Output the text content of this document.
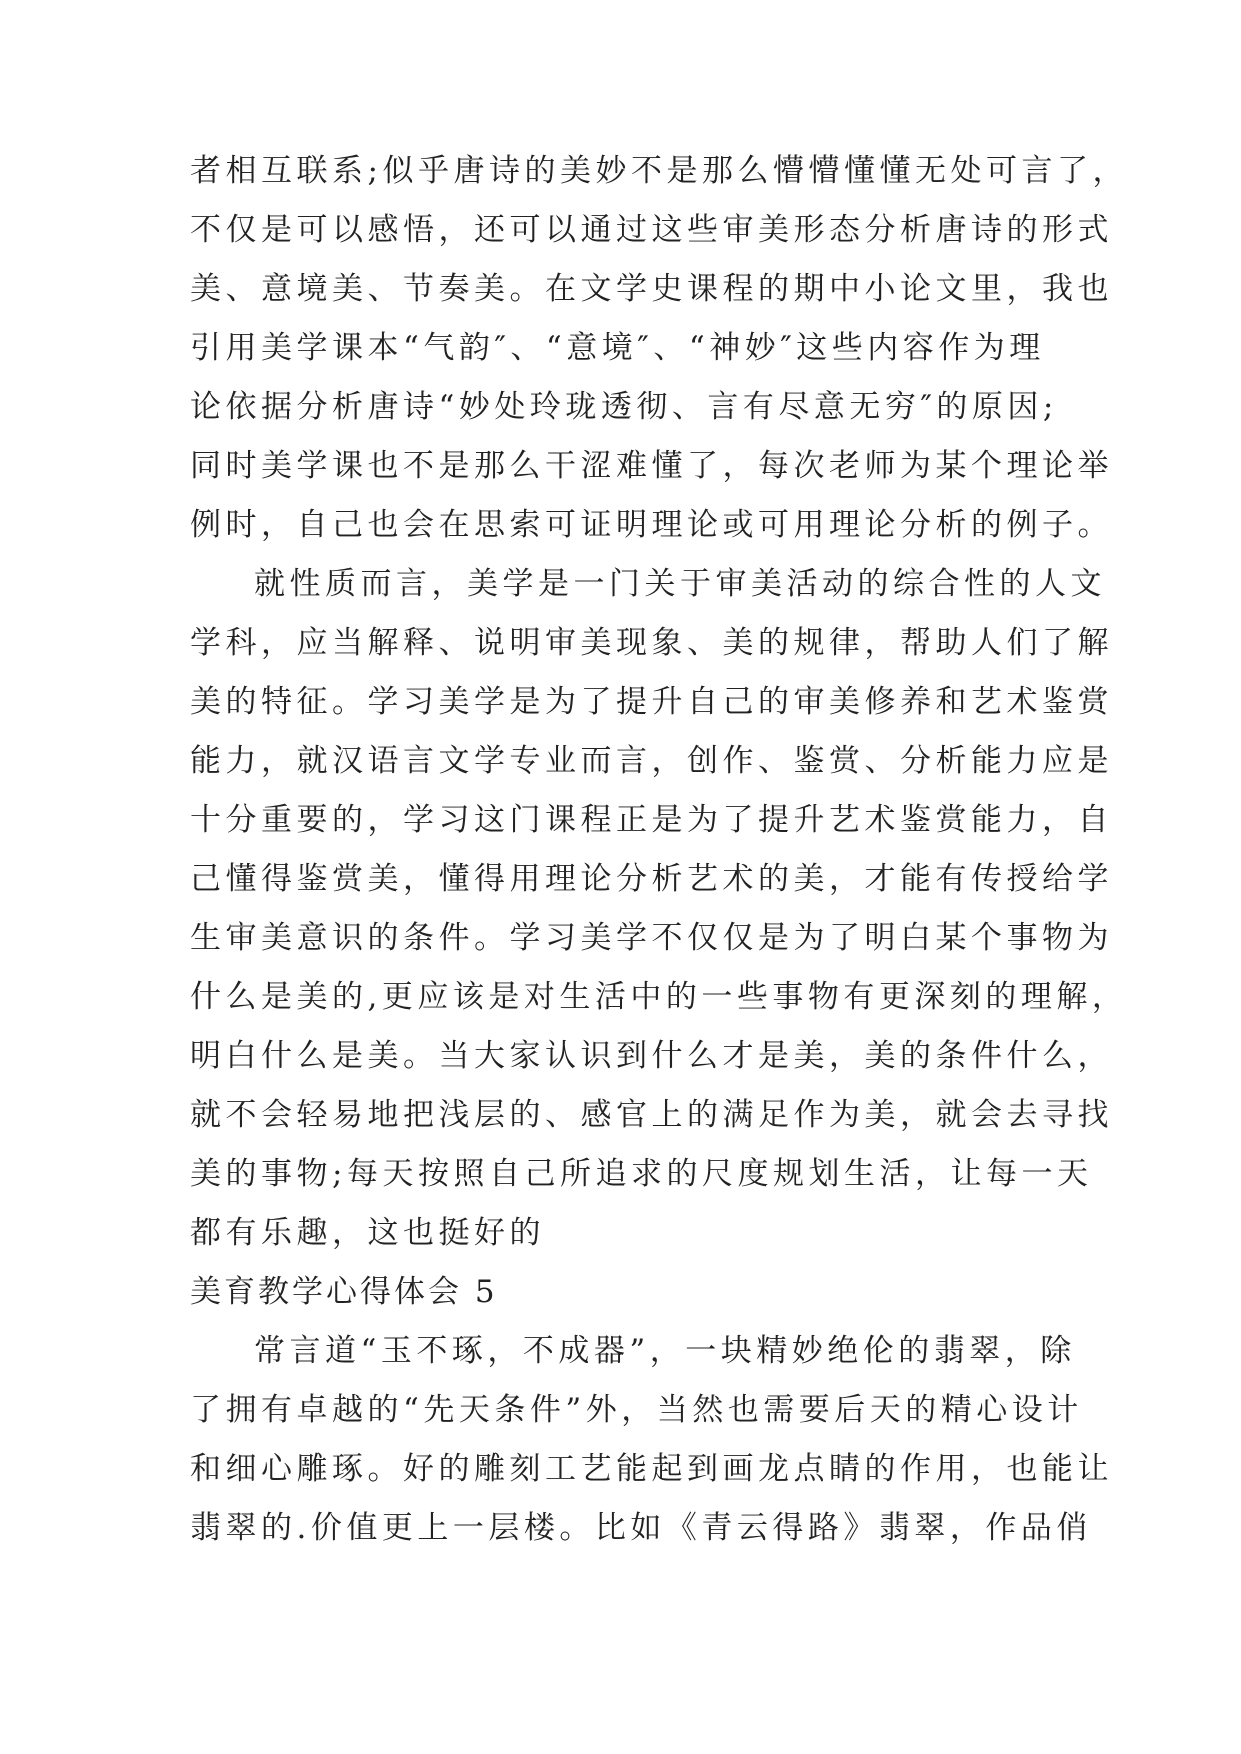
者相互联系;似乎唐诗的美妙不是那么懵懵懂懂无处可言了，
不仅是可以感悟，还可以通过这些审美形态分析唐诗的形式
美、意境美、节奏美。在文学史课程的期中小论文里，我也
引用美学课本“气韵″、“意境″、“神妙″这些内容作为理
论依据分析唐诗“妙处玲珑透彻、言有尽意无穷″的原因;
同时美学课也不是那么干涩难懂了，每次老师为某个理论举
例时，自己也会在思索可证明理论或可用理论分析的例子。
就性质而言，美学是一门关于审美活动的综合性的人文
学科，应当解释、说明审美现象、美的规律，帮助人们了解
美的特征。学习美学是为了提升自己的审美修养和艺术鉴赏
能力，就汉语言文学专业而言，创作、鉴赏、分析能力应是
十分重要的，学习这门课程正是为了提升艺术鉴赏能力，自
己懂得鉴赏美，懂得用理论分析艺术的美，才能有传授给学
生审美意识的条件。学习美学不仅仅是为了明白某个事物为
什么是美的,更应该是对生活中的一些事物有更深刻的理解，
明白什么是美。当大家认识到什么才是美，美的条件什么，
就不会轻易地把浅层的、感官上的满足作为美，就会去寻找
美的事物;每天按照自己所追求的尺度规划生活，让每一天
都有乐趣，这也挺好的
美育教学心得体会 5
常言道“玉不琢，不成器”，一块精妙绝伦的翡翠，除
了拥有卓越的“先天条件”外，当然也需要后天的精心设计
和细心雕琢。好的雕刻工艺能起到画龙点睛的作用，也能让
翡翠的.价值更上一层楼。比如《青云得路》翡翠，作品俏
